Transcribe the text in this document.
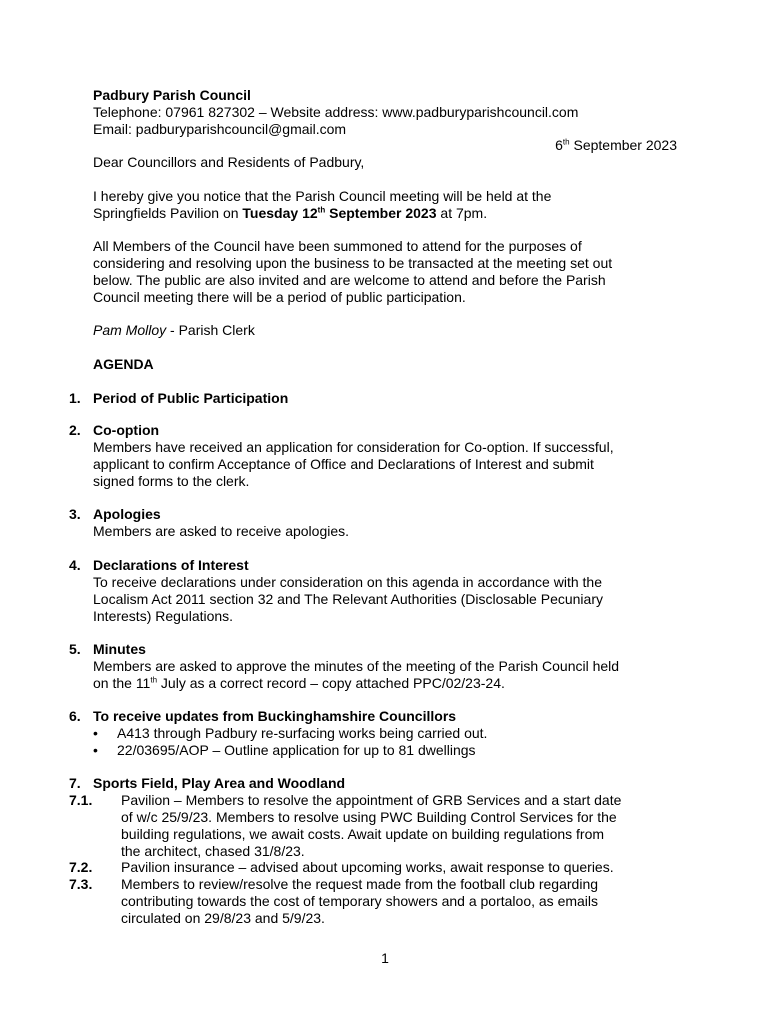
Padbury Parish Council
Telephone: 07961 827302 – Website address: www.padburyparishcouncil.com
Email: padburyparishcouncil@gmail.com
6th September 2023
Dear Councillors and Residents of Padbury,
I hereby give you notice that the Parish Council meeting will be held at the
Springfields Pavilion on Tuesday 12th September 2023 at 7pm.
All Members of the Council have been summoned to attend for the purposes of
considering and resolving upon the business to be transacted at the meeting set out
below. The public are also invited and are welcome to attend and before the Parish
Council meeting there will be a period of public participation.
Pam Molloy - Parish Clerk
AGENDA
1. Period of Public Participation
2. Co-option
Members have received an application for consideration for Co-option. If successful,
applicant to confirm Acceptance of Office and Declarations of Interest and submit
signed forms to the clerk.
3. Apologies
Members are asked to receive apologies.
4. Declarations of Interest
To receive declarations under consideration on this agenda in accordance with the
Localism Act 2011 section 32 and The Relevant Authorities (Disclosable Pecuniary
Interests) Regulations.
5. Minutes
Members are asked to approve the minutes of the meeting of the Parish Council held
on the 11th July as a correct record – copy attached PPC/02/23-24.
6. To receive updates from Buckinghamshire Councillors
• A413 through Padbury re-surfacing works being carried out.
• 22/03695/AOP – Outline application for up to 81 dwellings
7. Sports Field, Play Area and Woodland
7.1. Pavilion – Members to resolve the appointment of GRB Services and a start date
of w/c 25/9/23. Members to resolve using PWC Building Control Services for the
building regulations, we await costs. Await update on building regulations from
the architect, chased 31/8/23.
7.2. Pavilion insurance – advised about upcoming works, await response to queries.
7.3. Members to review/resolve the request made from the football club regarding
contributing towards the cost of temporary showers and a portaloo, as emails
circulated on 29/8/23 and 5/9/23.
1
